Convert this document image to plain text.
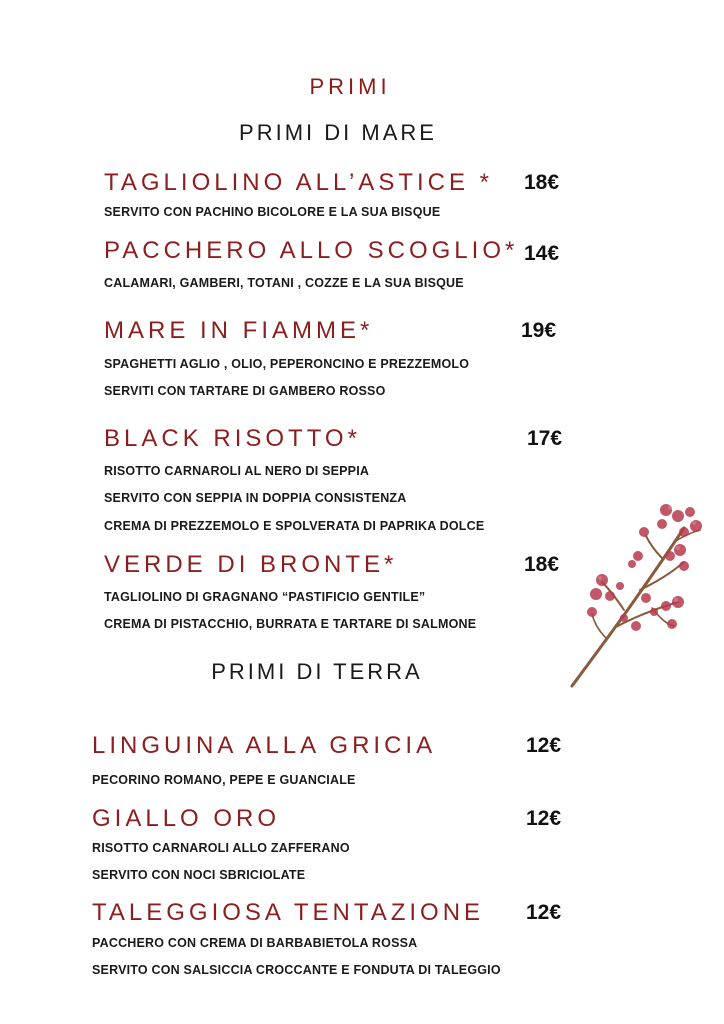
PRIMI
PRIMI DI MARE
TAGLIOLINO ALL’ASTICE * 18€
SERVITO CON PACHINO BICOLORE E LA SUA BISQUE
PACCHERO ALLO SCOGLIO* 14€
CALAMARI, GAMBERI, TOTANI , COZZE E LA SUA BISQUE
MARE IN FIAMME*	19€
SPAGHETTI AGLIO , OLIO, PEPERONCINO E PREZZEMOLO
SERVITI CON TARTARE DI GAMBERO ROSSO
BLACK RISOTTO*	17€
RISOTTO CARNAROLI AL NERO DI SEPPIA
SERVITO CON SEPPIA IN DOPPIA CONSISTENZA
CREMA DI PREZZEMOLO E SPOLVERATA DI PAPRIKA DOLCE
VERDE DI BRONTE*	18€
TAGLIOLINO DI GRAGNANO “PASTIFICIO GENTILE”
CREMA DI PISTACCHIO, BURRATA E TARTARE DI SALMONE
PRIMI DI TERRA
LINGUINA ALLA GRICIA	12€
PECORINO ROMANO, PEPE E GUANCIALE
GIALLO ORO	12€
RISOTTO CARNAROLI ALLO ZAFFERANO
SERVITO CON NOCI SBRICIOLATE
TALEGGIOSA TENTAZIONE 12€
PACCHERO CON CREMA DI BARBABIETOLA ROSSA
SERVITO CON SALSICCIA CROCCANTE E FONDUTA DI TALEGGIO
